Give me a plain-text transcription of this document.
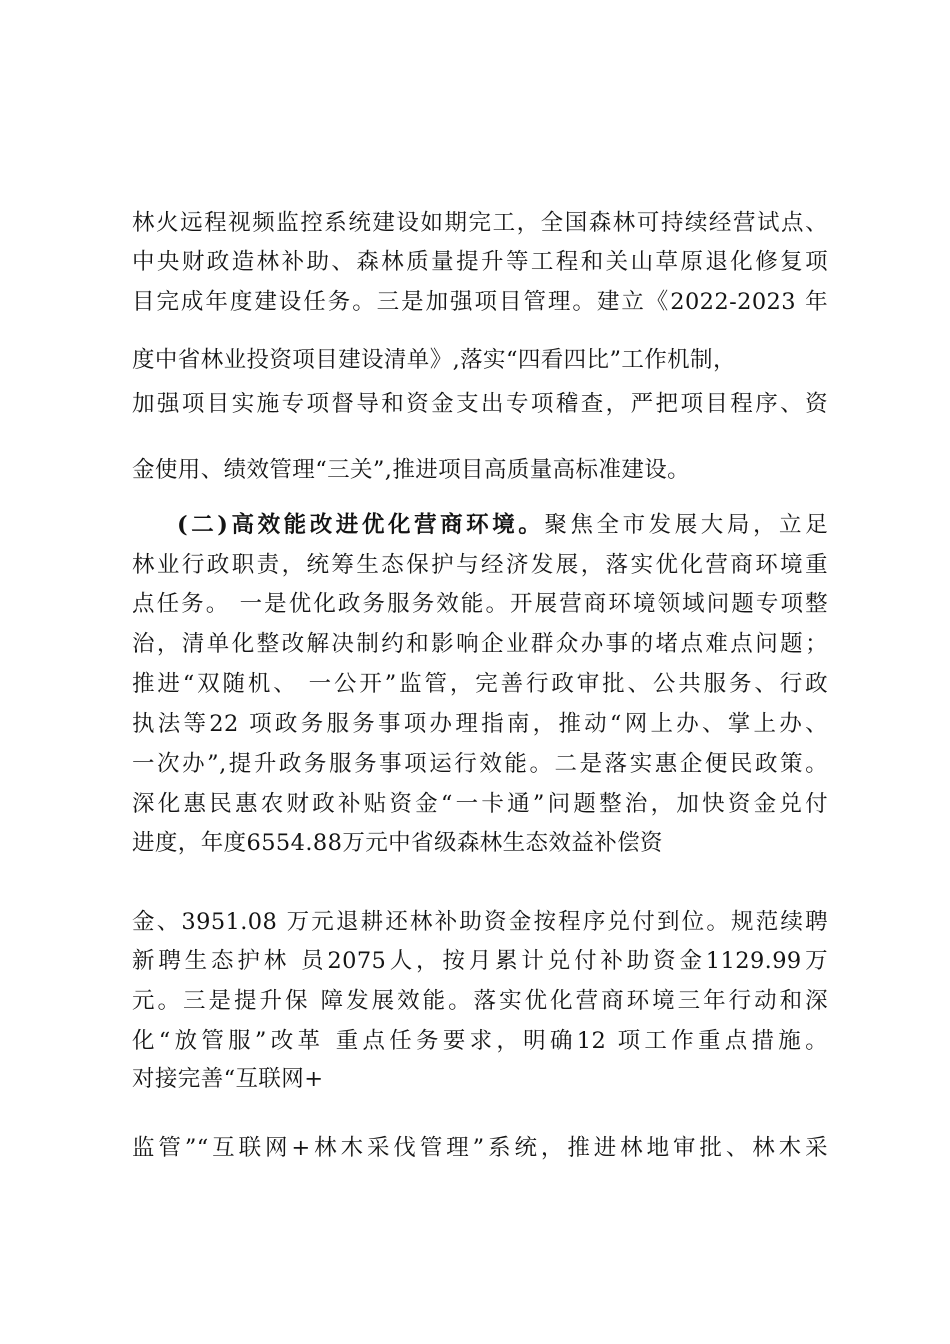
林火远程视频监控系统建设如期完工，全国森林可持续经营试点、
中央财政造林补助、森林质量提升等工程和关山草原退化修复项
目完成年度建设任务。三是加强项目管理。建立《2022-2023 年
度中省林业投资项目建设清单》,落实“四看四比”工作机制，
加强项目实施专项督导和资金支出专项稽查，严把项目程序、资
金使用、绩效管理“三关”,推进项目高质量高标准建设。
(二)高效能改进优化营商环境。聚焦全市发展大局，立足
林业行政职责，统筹生态保护与经济发展，落实优化营商环境重
点任务。 一是优化政务服务效能。开展营商环境领域问题专项整
治，清单化整改解决制约和影响企业群众办事的堵点难点问题；
推进“双随机、 一公开”监管，完善行政审批、公共服务、行政
执法等22 项政务服务事项办理指南，推动“网上办、掌上办、
一次办”,提升政务服务事项运行效能。二是落实惠企便民政策。
深化惠民惠农财政补贴资金“一卡通”问题整治，加快资金兑付
进度，年度6554.88万元中省级森林生态效益补偿资
金、3951.08 万元退耕还林补助资金按程序兑付到位。规范续聘
新聘生态护林 员2075人，按月累计兑付补助资金1129.99万
元。三是提升保 障发展效能。落实优化营商环境三年行动和深
化“放管服”改革 重点任务要求，明确12 项工作重点措施。
对接完善“互联网+
监管”“互联网+林木采伐管理”系统，推进林地审批、林木采
